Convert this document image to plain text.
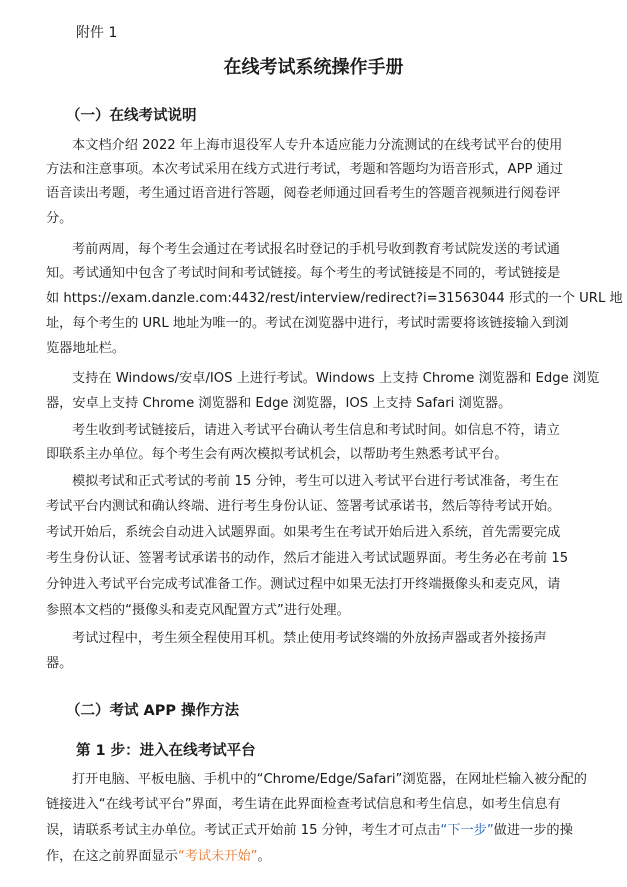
附件 1
在线考试系统操作手册
（一）在线考试说明
本文档介绍 2022 年上海市退役军人专升本适应能力分流测试的在线考试平台的使用
方法和注意事项。本次考试采用在线方式进行考试，考题和答题均为语音形式，APP 通过
语音读出考题，考生通过语音进行答题，阅卷老师通过回看考生的答题音视频进行阅卷评
分。
考前两周，每个考生会通过在考试报名时登记的手机号收到教育考试院发送的考试通
知。考试通知中包含了考试时间和考试链接。每个考生的考试链接是不同的，考试链接是
如 https://exam.danzle.com:4432/rest/interview/redirect?i=31563044 形式的一个 URL 地
址，每个考生的 URL 地址为唯一的。考试在浏览器中进行，考试时需要将该链接输入到浏
览器地址栏。
支持在 Windows/安卓/IOS 上进行考试。Windows 上支持 Chrome 浏览器和 Edge 浏览
器，安卓上支持 Chrome 浏览器和 Edge 浏览器，IOS 上支持 Safari 浏览器。
考生收到考试链接后，请进入考试平台确认考生信息和考试时间。如信息不符，请立
即联系主办单位。每个考生会有两次模拟考试机会，以帮助考生熟悉考试平台。
模拟考试和正式考试的考前 15 分钟，考生可以进入考试平台进行考试准备，考生在
考试平台内测试和确认终端、进行考生身份认证、签署考试承诺书，然后等待考试开始。
考试开始后，系统会自动进入试题界面。如果考生在考试开始后进入系统，首先需要完成
考生身份认证、签署考试承诺书的动作，然后才能进入考试试题界面。考生务必在考前 15
分钟进入考试平台完成考试准备工作。测试过程中如果无法打开终端摄像头和麦克风，请
参照本文档的“摄像头和麦克风配置方式”进行处理。
考试过程中，考生须全程使用耳机。禁止使用考试终端的外放扬声器或者外接扬声
器。
（二）考试 APP 操作方法
第 1 步：进入在线考试平台
打开电脑、平板电脑、手机中的“Chrome/Edge/Safari”浏览器，在网址栏输入被分配的
链接进入“在线考试平台”界面，考生请在此界面检查考试信息和考生信息，如考生信息有
误，请联系考试主办单位。考试正式开始前 15 分钟，考生才可点击“下一步”做进一步的操
作，在这之前界面显示“考试未开始”。
